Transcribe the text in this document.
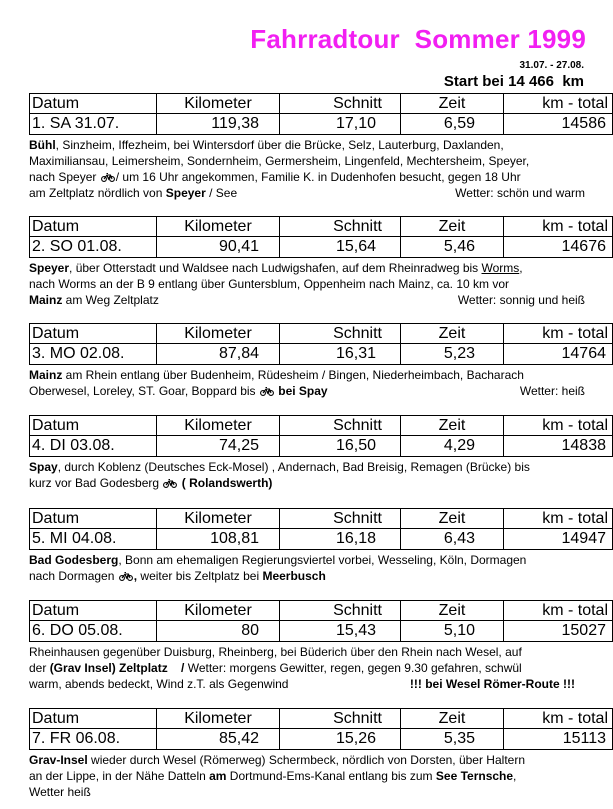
Fahrradtour  Sommer 1999
31.07. - 27.08.
Start bei 14 466  km
Datum	Kilometer	Schnitt	Zeit	km - total
1. SA 31.07.	119,38	17,10	6,59	14586
Bühl, Sinzheim, Iffezheim, bei Wintersdorf über die Brücke, Selz, Lauterburg, Daxlanden,
Maximiliansau, Leimersheim, Sondernheim, Germersheim, Lingenfeld, Mechtersheim, Speyer,
nach Speyer / um 16 Uhr angekommen, Familie K. in Dudenhofen besucht, gegen 18 Uhr
am Zeltplatz nördlich von Speyer / See	Wetter: schön und warm
Datum	Kilometer	Schnitt	Zeit	km - total
2. SO 01.08.	90,41	15,64	5,46	14676
Speyer, über Otterstadt und Waldsee nach Ludwigshafen, auf dem Rheinradweg bis Worms,
nach Worms an der B 9 entlang über Guntersblum, Oppenheim nach Mainz, ca. 10 km vor
Mainz am Weg Zeltplatz	Wetter: sonnig und heiß
Datum	Kilometer	Schnitt	Zeit	km - total
3. MO 02.08.	87,84	16,31	5,23	14764
Mainz am Rhein entlang über Budenheim, Rüdesheim / Bingen, Niederheimbach, Bacharach
Oberwesel, Loreley, ST. Goar, Boppard bis  bei Spay	Wetter: heiß
Datum	Kilometer	Schnitt	Zeit	km - total
4. DI 03.08.	74,25	16,50	4,29	14838
Spay, durch Koblenz (Deutsches Eck-Mosel) , Andernach, Bad Breisig, Remagen (Brücke) bis
kurz vor Bad Godesberg  ( Rolandswerth)
Datum	Kilometer	Schnitt	Zeit	km - total
5. MI 04.08.	108,81	16,18	6,43	14947
Bad Godesberg, Bonn am ehemaligen Regierungsviertel vorbei, Wesseling, Köln, Dormagen
nach Dormagen , weiter bis Zeltplatz bei Meerbusch
Datum	Kilometer	Schnitt	Zeit	km - total
6. DO 05.08.	80	15,43	5,10	15027
Rheinhausen gegenüber Duisburg, Rheinberg, bei Büderich über den Rhein nach Wesel, auf
der (Grav Insel) Zeltplatz    / Wetter: morgens Gewitter, regen, gegen 9.30 gefahren, schwül
warm, abends bedeckt, Wind z.T. als Gegenwind	!!! bei Wesel Römer-Route !!!
Datum	Kilometer	Schnitt	Zeit	km - total
7. FR 06.08.	85,42	15,26	5,35	15113
Grav-Insel wieder durch Wesel (Römerweg) Schermbeck, nördlich von Dorsten, über Haltern
an der Lippe, in der Nähe Datteln am Dortmund-Ems-Kanal entlang bis zum See Ternsche,
Wetter heiß
